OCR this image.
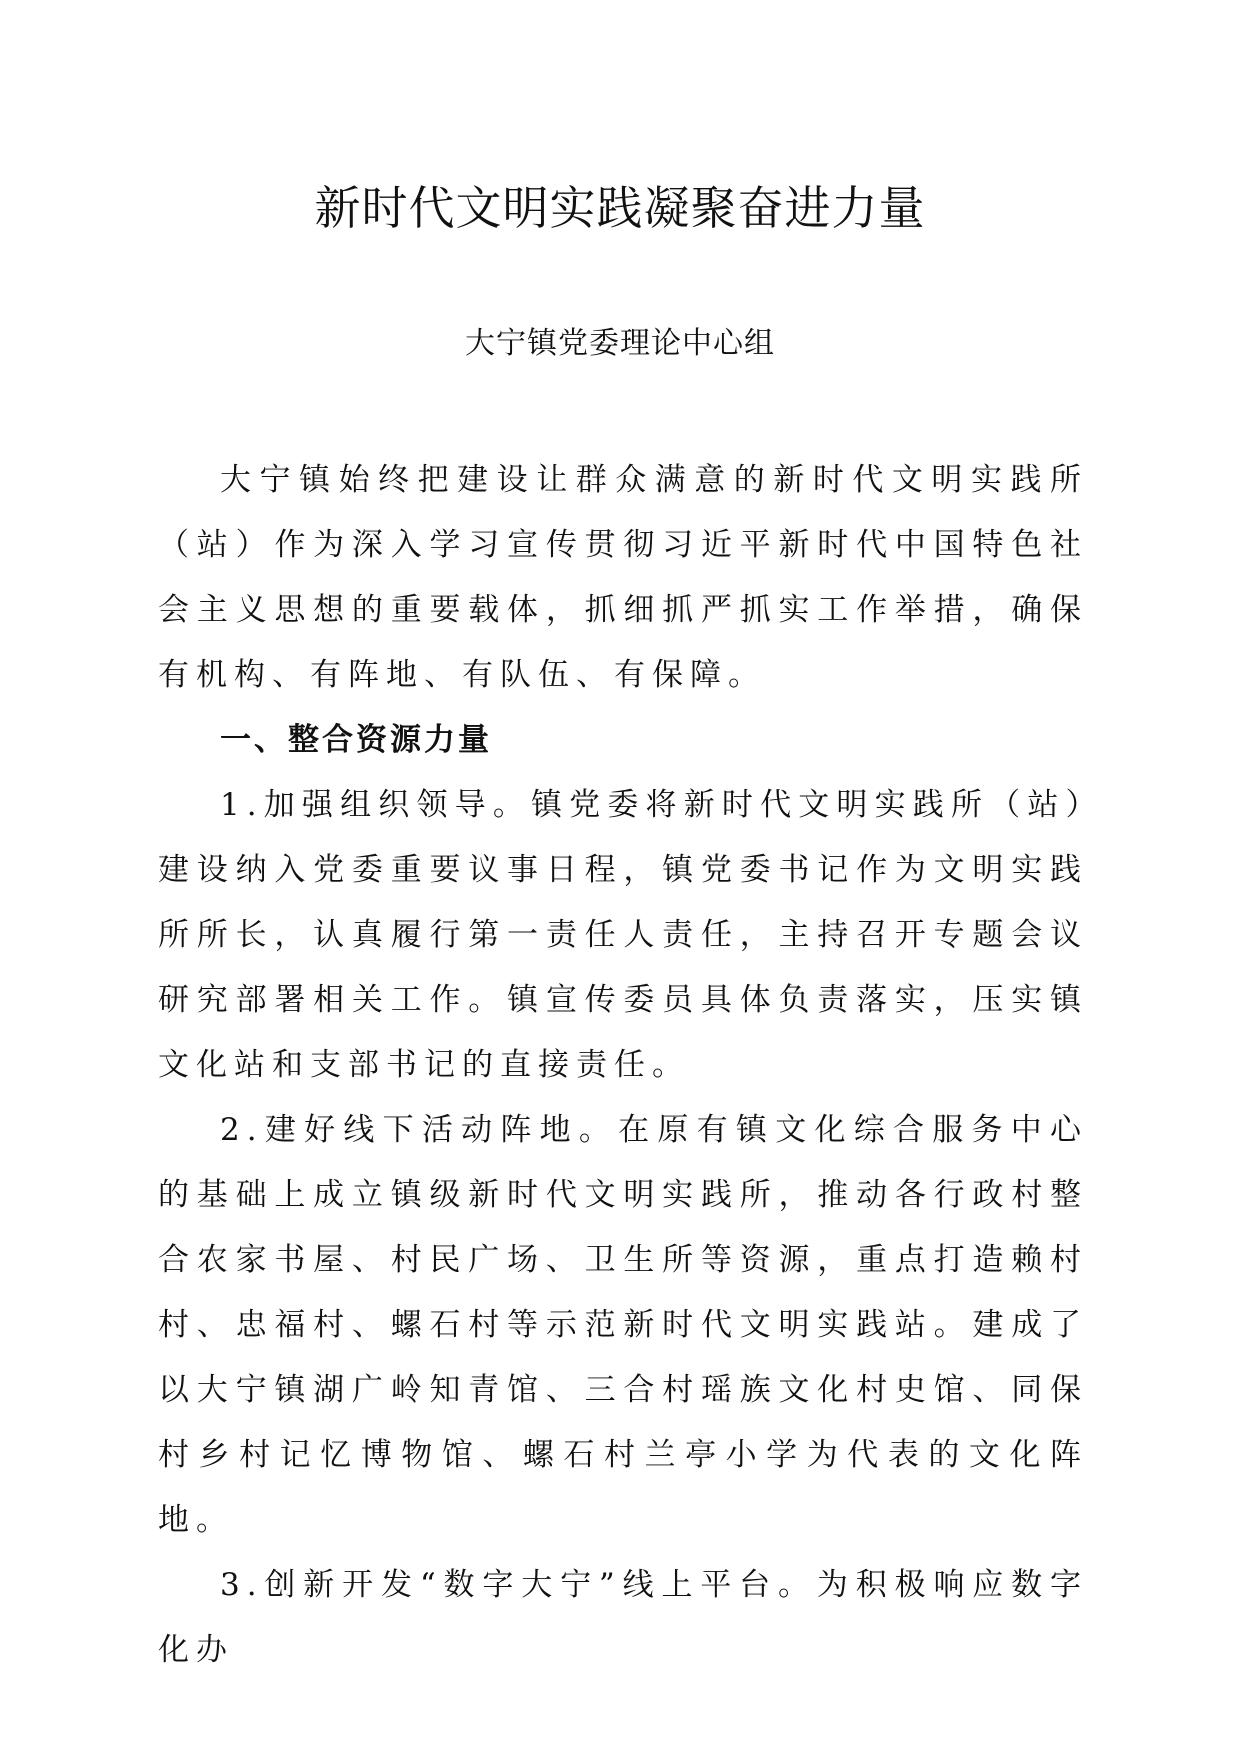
新时代文明实践凝聚奋进力量
大宁镇党委理论中心组

大宁镇始终把建设让群众满意的新时代文明实践所（站）作为深入学习宣传贯彻习近平新时代中国特色社会主义思想的重要载体，抓细抓严抓实工作举措，确保有机构、有阵地、有队伍、有保障。

一、整合资源力量

1.加强组织领导。镇党委将新时代文明实践所（站）建设纳入党委重要议事日程，镇党委书记作为文明实践所所长，认真履行第一责任人责任，主持召开专题会议研究部署相关工作。镇宣传委员具体负责落实，压实镇文化站和支部书记的直接责任。

2.建好线下活动阵地。在原有镇文化综合服务中心的基础上成立镇级新时代文明实践所，推动各行政村整合农家书屋、村民广场、卫生所等资源，重点打造赖村村、忠福村、螺石村等示范新时代文明实践站。建成了以大宁镇湖广岭知青馆、三合村瑶族文化村史馆、同保村乡村记忆博物馆、螺石村兰亭小学为代表的文化阵地。

3.创新开发“数字大宁”线上平台。为积极响应数字化办
